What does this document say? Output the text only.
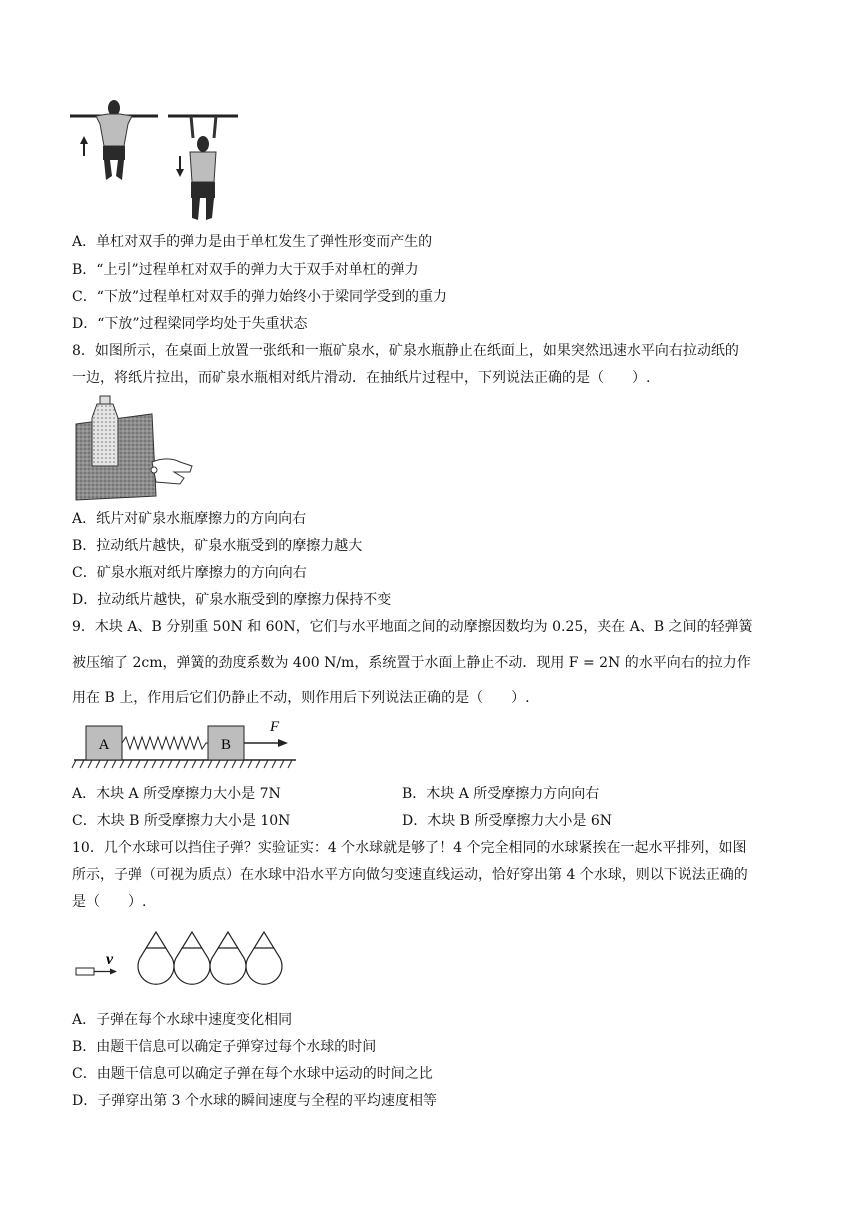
A．单杠对双手的弹力是由于单杠发生了弹性形变而产生的
B．“上引”过程单杠对双手的弹力大于双手对单杠的弹力
C．“下放”过程单杠对双手的弹力始终小于梁同学受到的重力
D．“下放”过程梁同学均处于失重状态
8．如图所示，在桌面上放置一张纸和一瓶矿泉水，矿泉水瓶静止在纸面上，如果突然迅速水平向右拉动纸的
一边，将纸片拉出，而矿泉水瓶相对纸片滑动．在抽纸片过程中，下列说法正确的是（　　）.
A．纸片对矿泉水瓶摩擦力的方向向右
B．拉动纸片越快，矿泉水瓶受到的摩擦力越大
C．矿泉水瓶对纸片摩擦力的方向向右
D．拉动纸片越快，矿泉水瓶受到的摩擦力保持不变
9．木块 A、B 分别重 50N 和 60N，它们与水平地面之间的动摩擦因数均为 0.25，夹在 A、B 之间的轻弹簧
被压缩了 2cm，弹簧的劲度系数为 400 N/m，系统置于水面上静止不动．现用 F = 2N 的水平向右的拉力作
用在 B 上，作用后它们仍静止不动，则作用后下列说法正确的是（　　）.
A	B
F
A．木块 A 所受摩擦力大小是 7N	B．木块 A 所受摩擦力方向向右
C．木块 B 所受摩擦力大小是 10N	D．木块 B 所受摩擦力大小是 6N
10．几个水球可以挡住子弹？实验证实：4 个水球就是够了！4 个完全相同的水球紧挨在一起水平排列，如图
所示，子弹（可视为质点）在水球中沿水平方向做匀变速直线运动，恰好穿出第 4 个水球，则以下说法正确的
是（　　）.
v
A．子弹在每个水球中速度变化相同
B．由题干信息可以确定子弹穿过每个水球的时间
C．由题干信息可以确定子弹在每个水球中运动的时间之比
D．子弹穿出第 3 个水球的瞬间速度与全程的平均速度相等
